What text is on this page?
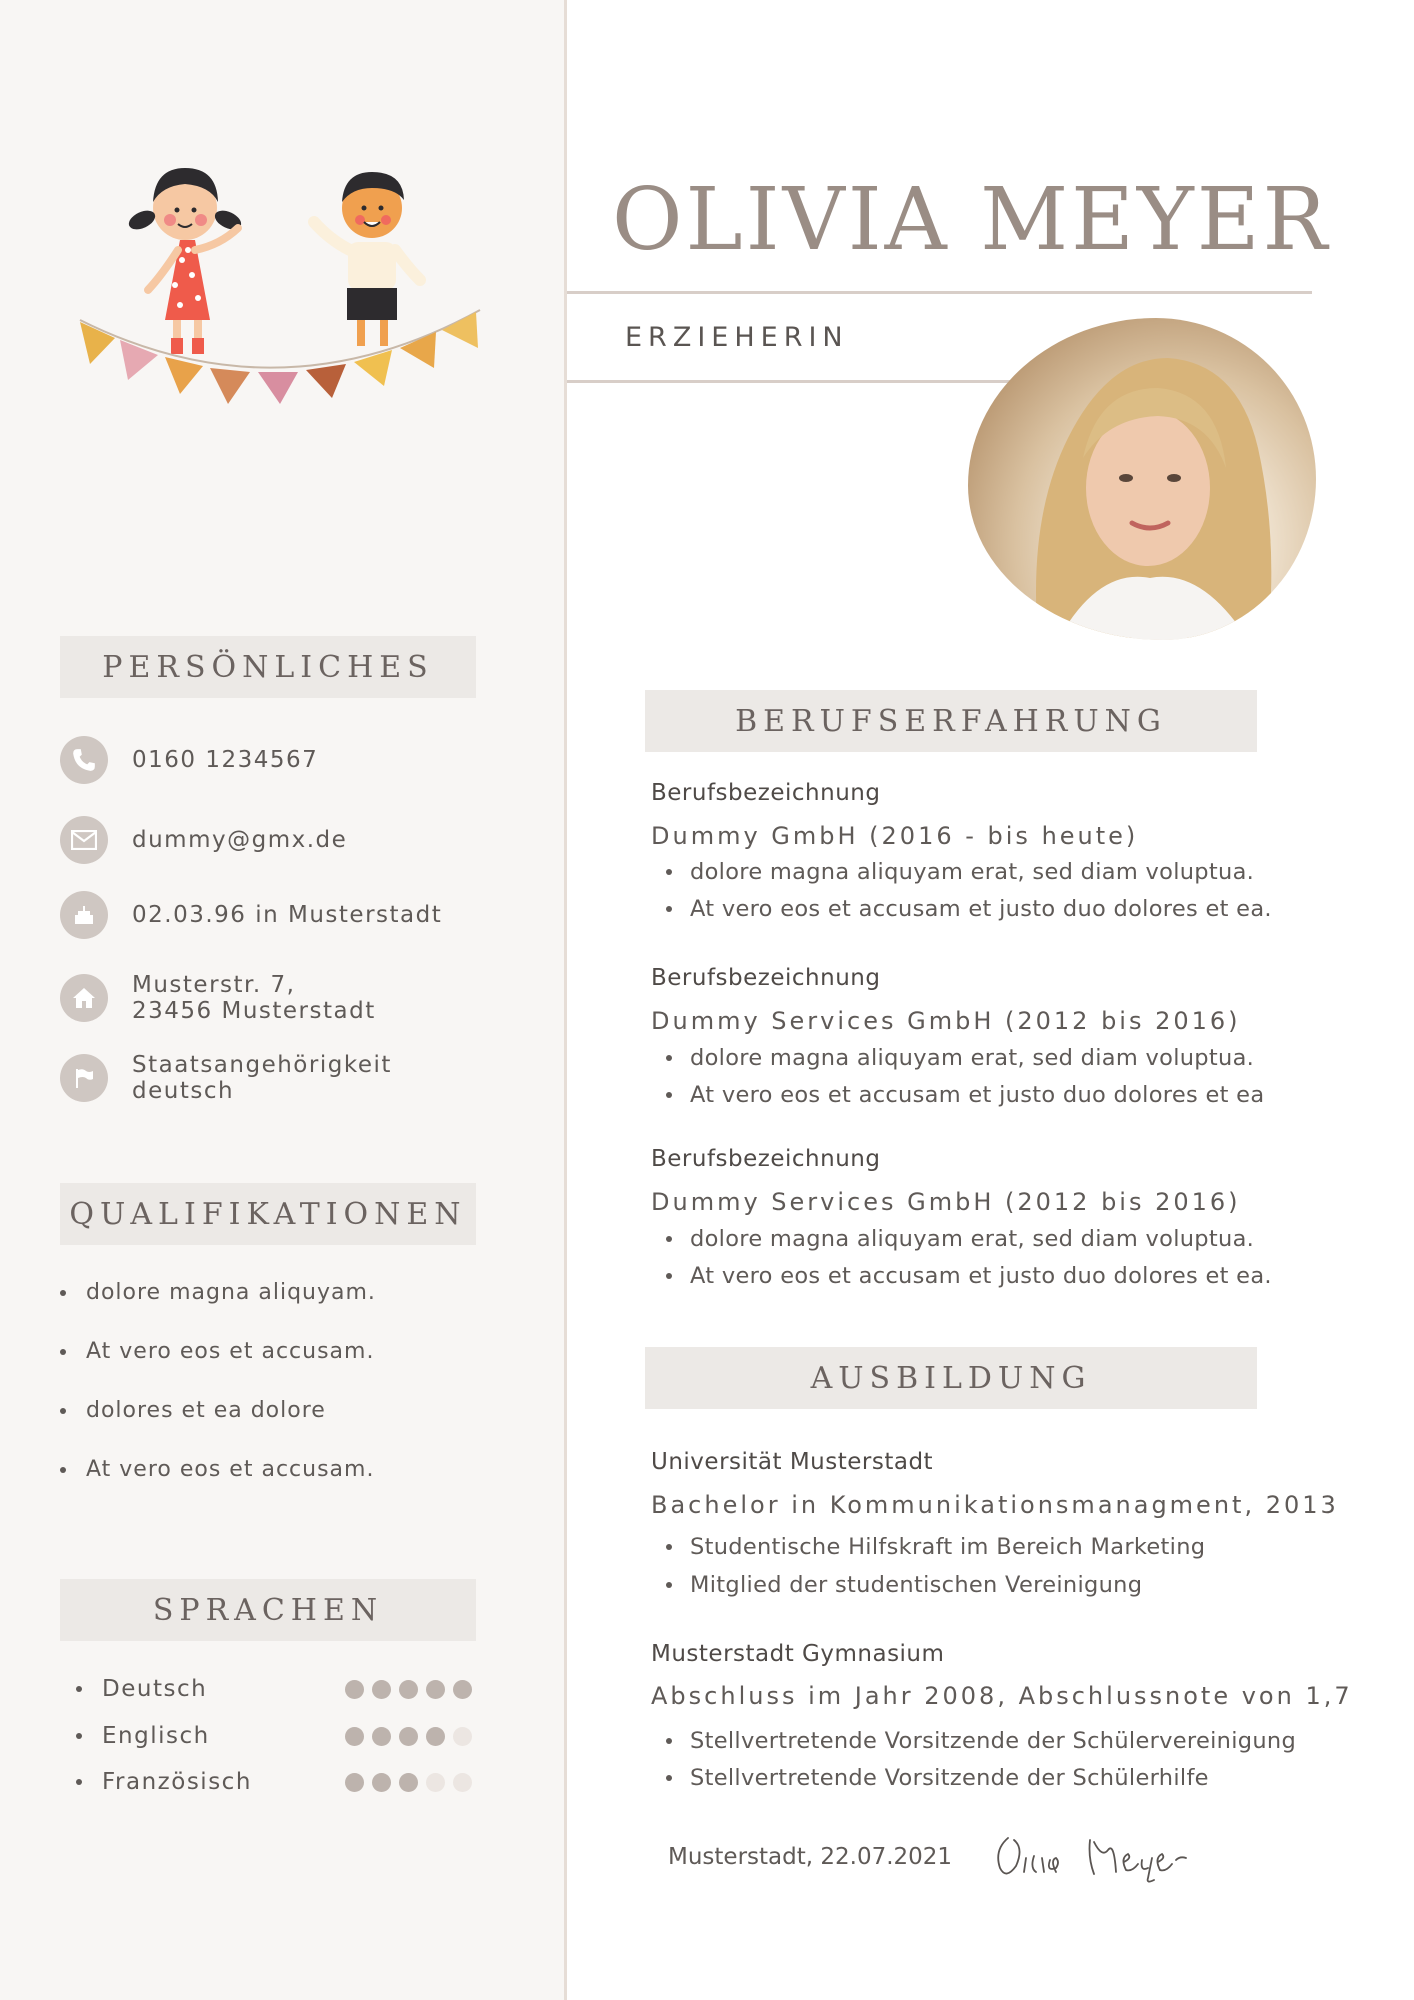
PERSÖNLICHES
0160 1234567
dummy@gmx.de
02.03.96 in Musterstadt
Musterstr. 7,
23456 Musterstadt
Staatsangehörigkeit
deutsch
QUALIFIKATIONEN
dolore magna aliquyam.
At vero eos et accusam.
dolores et ea dolore
At vero eos et accusam.
SPRACHEN
Deutsch
Englisch
Französisch
OLIVIA MEYER
ERZIEHERIN
BERUFSERFAHRUNG
Berufsbezeichnung
Dummy GmbH (2016 - bis heute)
dolore magna aliquyam erat, sed diam voluptua.
At vero eos et accusam et justo duo dolores et ea.
Berufsbezeichnung
Dummy Services GmbH (2012 bis 2016)
dolore magna aliquyam erat, sed diam voluptua.
At vero eos et accusam et justo duo dolores et ea
Berufsbezeichnung
Dummy Services GmbH (2012 bis 2016)
dolore magna aliquyam erat, sed diam voluptua.
At vero eos et accusam et justo duo dolores et ea.
AUSBILDUNG
Universität Musterstadt
Bachelor in Kommunikationsmanagment, 2013
Studentische Hilfskraft im Bereich Marketing
Mitglied der studentischen Vereinigung
Musterstadt Gymnasium
Abschluss im Jahr 2008, Abschlussnote von 1,7
Stellvertretende Vorsitzende der Schülervereinigung
Stellvertretende Vorsitzende der Schülerhilfe
Musterstadt, 22.07.2021
